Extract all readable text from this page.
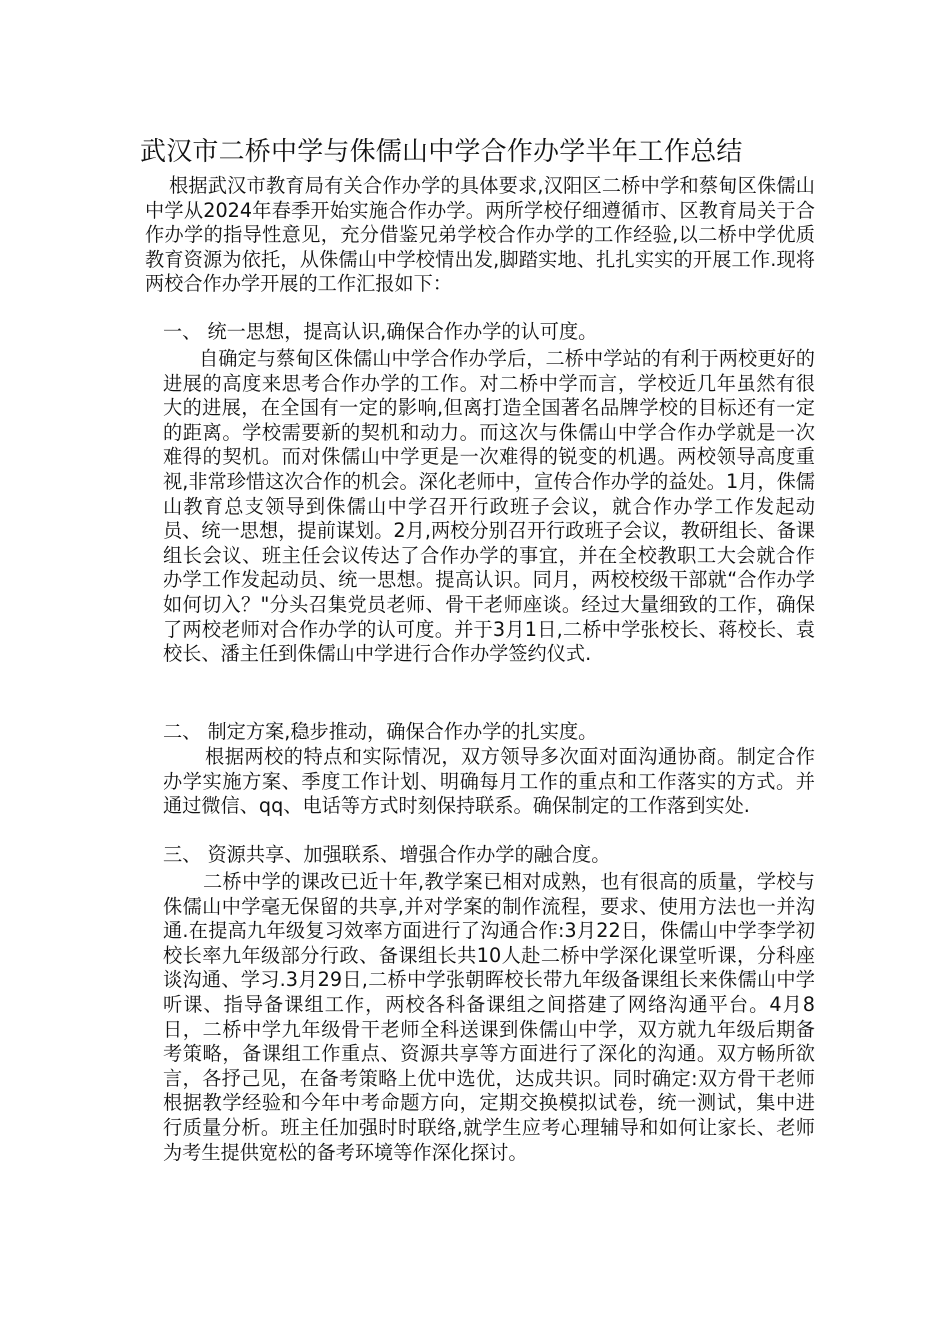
武汉市二桥中学与侏儒山中学合作办学半年工作总结

根据武汉市教育局有关合作办学的具体要求,汉阳区二桥中学和蔡甸区侏儒山中学从2024年春季开始实施合作办学。两所学校仔细遵循市、区教育局关于合作办学的指导性意见，充分借鉴兄弟学校合作办学的工作经验,以二桥中学优质教育资源为依托，从侏儒山中学校情出发,脚踏实地、扎扎实实的开展工作.现将两校合作办学开展的工作汇报如下：

一、 统一思想，提高认识,确保合作办学的认可度。

自确定与蔡甸区侏儒山中学合作办学后，二桥中学站的有利于两校更好的进展的高度来思考合作办学的工作。对二桥中学而言，学校近几年虽然有很大的进展，在全国有一定的影响,但离打造全国著名品牌学校的目标还有一定的距离。学校需要新的契机和动力。而这次与侏儒山中学合作办学就是一次难得的契机。而对侏儒山中学更是一次难得的锐变的机遇。两校领导高度重视,非常珍惜这次合作的机会。深化老师中，宣传合作办学的益处。1月，侏儒山教育总支领导到侏儒山中学召开行政班子会议，就合作办学工作发起动员、统一思想，提前谋划。2月,两校分别召开行政班子会议，教研组长、备课组长会议、班主任会议传达了合作办学的事宜，并在全校教职工大会就合作办学工作发起动员、统一思想。提高认识。同月，两校校级干部就“合作办学如何切入？"分头召集党员老师、骨干老师座谈。经过大量细致的工作，确保了两校老师对合作办学的认可度。并于3月1日,二桥中学张校长、蒋校长、袁校长、潘主任到侏儒山中学进行合作办学签约仪式.

二、 制定方案,稳步推动，确保合作办学的扎实度。

根据两校的特点和实际情况，双方领导多次面对面沟通协商。制定合作办学实施方案、季度工作计划、明确每月工作的重点和工作落实的方式。并通过微信、qq、电话等方式时刻保持联系。确保制定的工作落到实处.

三、 资源共享、加强联系、增强合作办学的融合度。

二桥中学的课改已近十年,教学案已相对成熟，也有很高的质量，学校与侏儒山中学毫无保留的共享,并对学案的制作流程，要求、使用方法也一并沟通.在提高九年级复习效率方面进行了沟通合作:3月22日，侏儒山中学李学初校长率九年级部分行政、备课组长共10人赴二桥中学深化课堂听课，分科座谈沟通、学习.3月29日,二桥中学张朝晖校长带九年级备课组长来侏儒山中学听课、指导备课组工作，两校各科备课组之间搭建了网络沟通平台。4月8日，二桥中学九年级骨干老师全科送课到侏儒山中学，双方就九年级后期备考策略，备课组工作重点、资源共享等方面进行了深化的沟通。双方畅所欲言，各抒己见，在备考策略上优中选优，达成共识。同时确定:双方骨干老师根据教学经验和今年中考命题方向，定期交换模拟试卷，统一测试，集中进行质量分析。班主任加强时时联络,就学生应考心理辅导和如何让家长、老师为考生提供宽松的备考环境等作深化探讨。
